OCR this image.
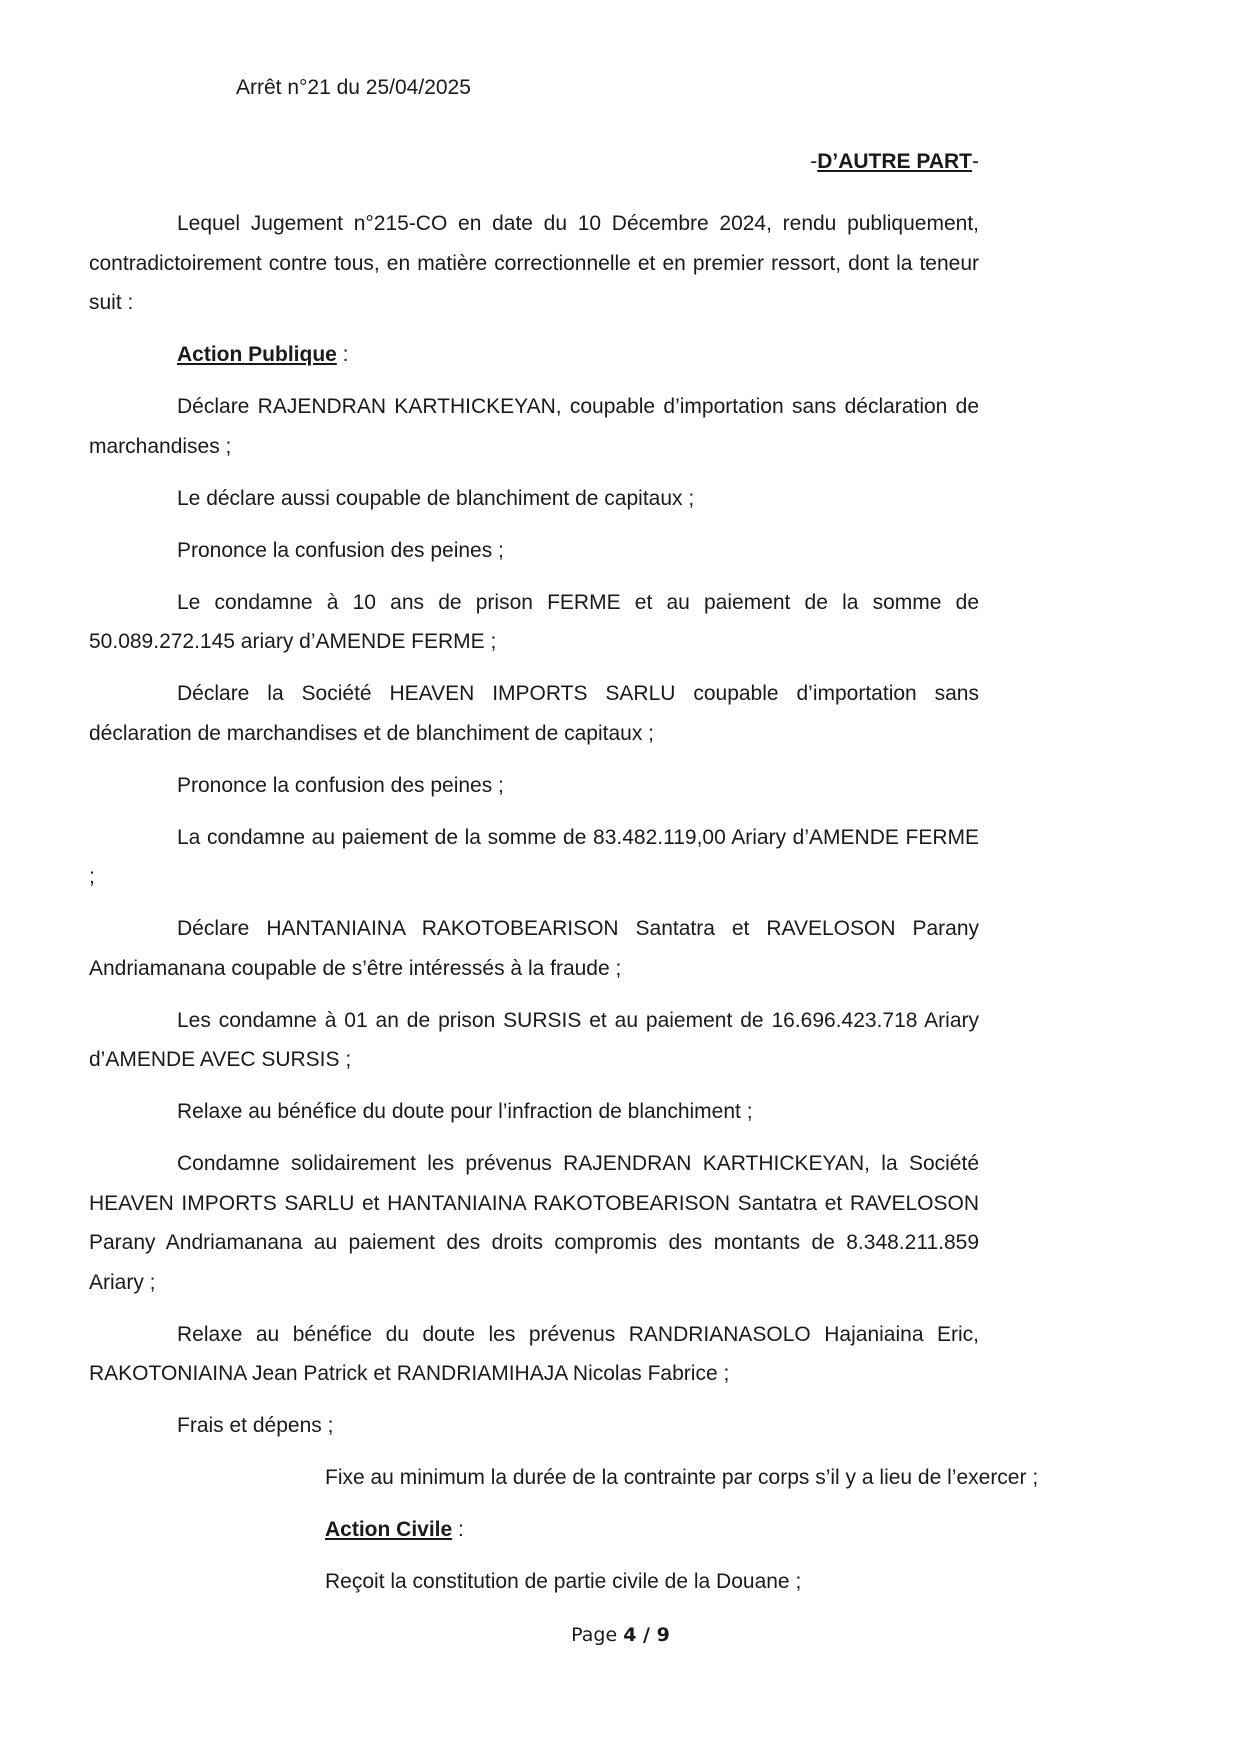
Arrêt n°21 du 25/04/2025
-D’AUTRE PART-

Lequel Jugement n°215-CO en date du 10 Décembre 2024, rendu publiquement, contradictoirement contre tous, en matière correctionnelle et en premier ressort, dont la teneur suit :

Action Publique :

Déclare RAJENDRAN KARTHICKEYAN, coupable d’importation sans déclaration de marchandises ;

Le déclare aussi coupable de blanchiment de capitaux ;

Prononce la confusion des peines ;

Le condamne à 10 ans de prison FERME et au paiement de la somme de 50.089.272.145 ariary d’AMENDE FERME ;

Déclare la Société HEAVEN IMPORTS SARLU coupable d’importation sans déclaration de marchandises et de blanchiment de capitaux ;

Prononce la confusion des peines ;

La condamne au paiement de la somme de 83.482.119,00 Ariary d’AMENDE FERME ;

Déclare HANTANIAINA RAKOTOBEARISON Santatra et RAVELOSON Parany Andriamanana coupable de s’être intéressés à la fraude ;

Les condamne à 01 an de prison SURSIS et au paiement de 16.696.423.718 Ariary d’AMENDE AVEC SURSIS ;

Relaxe au bénéfice du doute pour l’infraction de blanchiment ;

Condamne solidairement les prévenus RAJENDRAN KARTHICKEYAN, la Société HEAVEN IMPORTS SARLU et HANTANIAINA RAKOTOBEARISON Santatra et RAVELOSON Parany Andriamanana au paiement des droits compromis des montants de 8.348.211.859 Ariary ;

Relaxe au bénéfice du doute les prévenus RANDRIANASOLO Hajaniaina Eric, RAKOTONIAINA Jean Patrick et RANDRIAMIHAJA Nicolas Fabrice ;

Frais et dépens ;

Fixe au minimum la durée de la contrainte par corps s’il y a lieu de l’exercer ;

Action Civile :

Reçoit la constitution de partie civile de la Douane ;

Page 4 / 9
